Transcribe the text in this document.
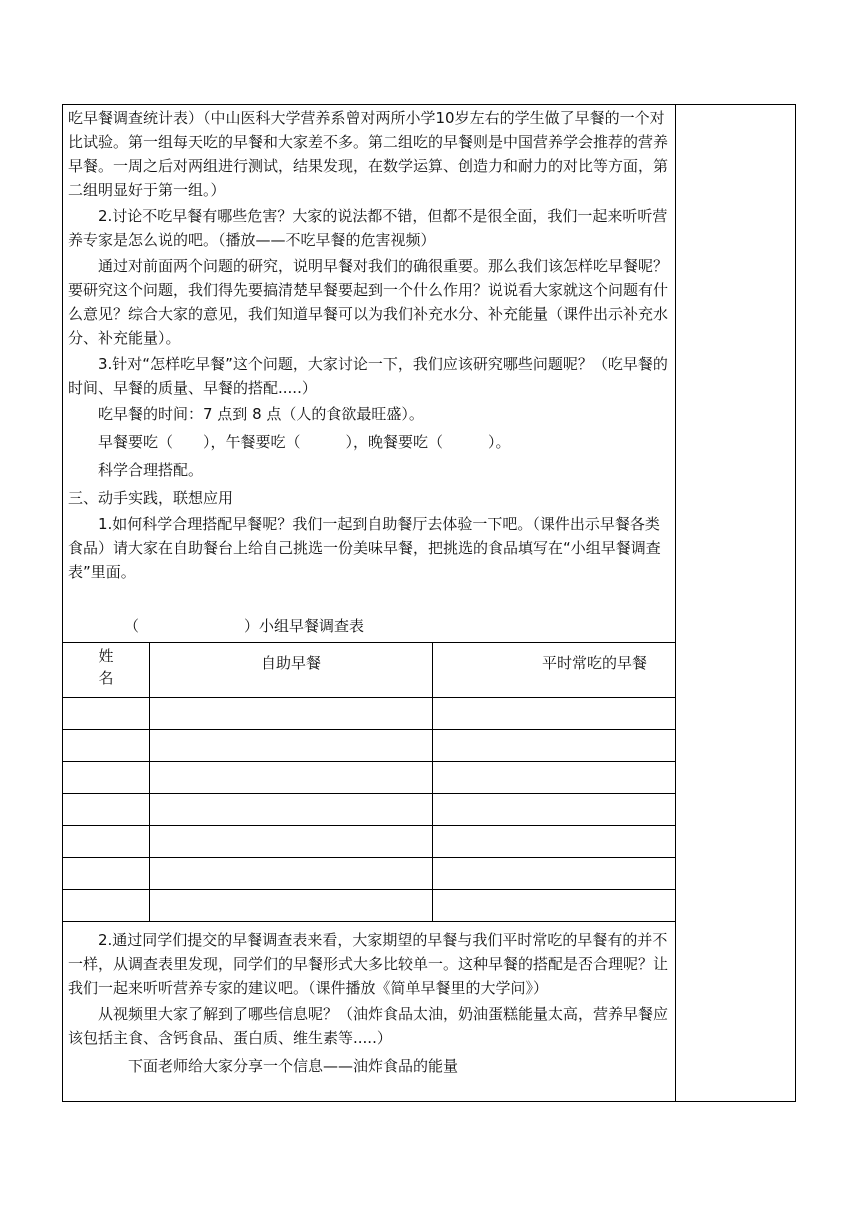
吃早餐调查统计表）（中山医科大学营养系曾对两所小学10岁左右的学生做了早餐的一个对比试验。第一组每天吃的早餐和大家差不多。第二组吃的早餐则是中国营养学会推荐的营养早餐。一周之后对两组进行测试，结果发现，在数学运算、创造力和耐力的对比等方面，第二组明显好于第一组。）

2.讨论不吃早餐有哪些危害？大家的说法都不错，但都不是很全面，我们一起来听听营养专家是怎么说的吧。（播放——不吃早餐的危害视频）

通过对前面两个问题的研究，说明早餐对我们的确很重要。那么我们该怎样吃早餐呢？要研究这个问题，我们得先要搞清楚早餐要起到一个什么作用？说说看大家就这个问题有什么意见？综合大家的意见，我们知道早餐可以为我们补充水分、补充能量（课件出示补充水分、补充能量）。

3.针对“怎样吃早餐”这个问题，大家讨论一下，我们应该研究哪些问题呢？（吃早餐的时间、早餐的质量、早餐的搭配.....）

吃早餐的时间：7 点到 8 点（人的食欲最旺盛）。

早餐要吃（　　），午餐要吃（　　　），晚餐要吃（　　　）。

科学合理搭配。

三、动手实践，联想应用

1.如何科学合理搭配早餐呢？我们一起到自助餐厅去体验一下吧。（课件出示早餐各类食品）请大家在自助餐台上给自己挑选一份美味早餐，把挑选的食品填写在“小组早餐调查表”里面。

（　　　　　　　）小组早餐调查表
姓
名	自助早餐	平时常吃的早餐

2.通过同学们提交的早餐调查表来看，大家期望的早餐与我们平时常吃的早餐有的并不一样，从调查表里发现，同学们的早餐形式大多比较单一。这种早餐的搭配是否合理呢？让我们一起来听听营养专家的建议吧。（课件播放《简单早餐里的大学问》）

从视频里大家了解到了哪些信息呢？（油炸食品太油，奶油蛋糕能量太高，营养早餐应该包括主食、含钙食品、蛋白质、维生素等.....）

下面老师给大家分享一个信息——油炸食品的能量
